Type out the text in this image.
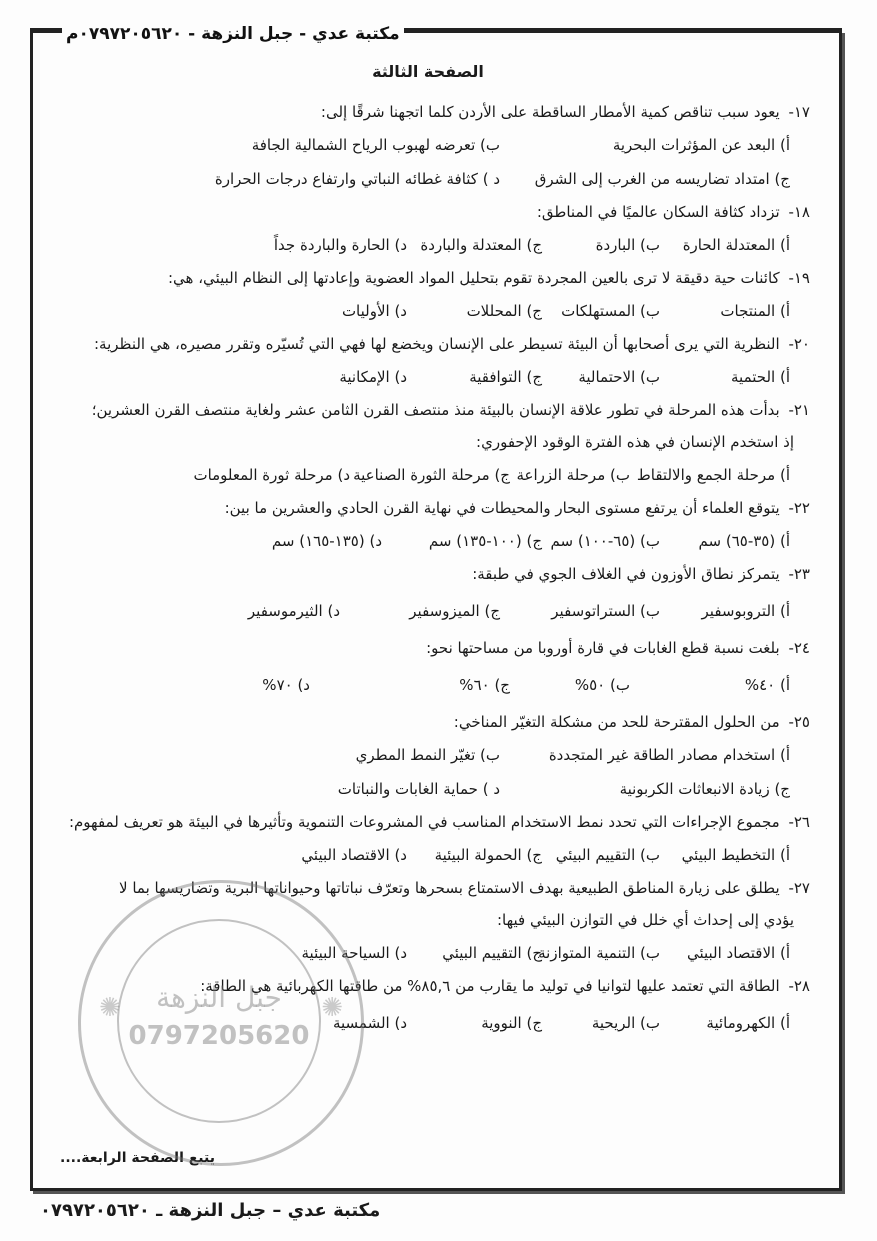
مكتبة عدي - جبل النزهة - ٠٧٩٧٢٠٥٦٢٠م
الصفحة الثالثة

١٧- يعود سبب تناقص كمية الأمطار الساقطة على الأردن كلما اتجهنا شرقًا إلى:

أ) البعد عن المؤثرات البحرية
ب) تعرضه لهبوب الرياح الشمالية الجافة
ج) امتداد تضاريسه من الغرب إلى الشرق
د ) كثافة غطائه النباتي وارتفاع درجات الحرارة

١٨- تزداد كثافة السكان عالميًا في المناطق:

أ) المعتدلة الحارة
ب) الباردة
ج) المعتدلة والباردة
د) الحارة والباردة جداً

١٩- كائنات حية دقيقة لا ترى بالعين المجردة تقوم بتحليل المواد العضوية وإعادتها إلى النظام البيئي، هي:

أ) المنتجات
ب) المستهلكات
ج) المحللات
د) الأوليات

٢٠- النظرية التي يرى أصحابها أن البيئة تسيطر على الإنسان ويخضع لها فهي التي تُسيّره وتقرر مصيره، هي النظرية:

أ) الحتمية
ب) الاحتمالية
ج) التوافقية
د) الإمكانية

٢١- بدأت هذه المرحلة في تطور علاقة الإنسان بالبيئة منذ منتصف القرن الثامن عشر ولغاية منتصف القرن العشرين؛

إذ استخدم الإنسان في هذه الفترة الوقود الإحفوري:

أ) مرحلة الجمع والالتقاط
ب) مرحلة الزراعة
ج) مرحلة الثورة الصناعية
د) مرحلة ثورة المعلومات

٢٢- يتوقع العلماء أن يرتفع مستوى البحار والمحيطات في نهاية القرن الحادي والعشرين ما بين:

أ) (٣٥-٦٥) سم
ب) (٦٥-١٠٠) سم
ج) (١٠٠-١٣٥) سم
د) (١٣٥-١٦٥) سم

٢٣- يتمركز نطاق الأوزون في الغلاف الجوي في طبقة:

أ) التروبوسفير
ب) الستراتوسفير
ج) الميزوسفير
د) الثيرموسفير

٢٤- بلغت نسبة قطع الغابات في قارة أوروبا من مساحتها نحو:

أ) ٤٠%
ب) ٥٠%
ج) ٦٠%
د) ٧٠%

٢٥- من الحلول المقترحة للحد من مشكلة التغيّر المناخي:

أ) استخدام مصادر الطاقة غير المتجددة
ب) تغيّر النمط المطري
ج) زيادة الانبعاثات الكربونية
د ) حماية الغابات والنباتات

٢٦- مجموع الإجراءات التي تحدد نمط الاستخدام المناسب في المشروعات التنموية وتأثيرها في البيئة هو تعريف لمفهوم:

أ) التخطيط البيئي
ب) التقييم البيئي
ج) الحمولة البيئية
د) الاقتصاد البيئي

٢٧- يطلق على زيارة المناطق الطبيعية بهدف الاستمتاع بسحرها وتعرّف نباتاتها وحيواناتها البرية وتضاريسها بما لا

يؤدي إلى إحداث أي خلل في التوازن البيئي فيها:

أ) الاقتصاد البيئي
ب) التنمية المتوازنة
ج) التقييم البيئي
د) السياحة البيئية

٢٨- الطاقة التي تعتمد عليها لتوانيا في توليد ما يقارب من ٨٥,٦% من طاقتها الكهربائية هي الطاقة:

أ) الكهرومائية
ب) الريحية
ج) النووية
د) الشمسية
يتبع الصفحة الرابعة....
جبل النزهة
0797205620
✺	✺
مكتبة عدي – جبل النزهة ـ ٠٧٩٧٢٠٥٦٢٠
